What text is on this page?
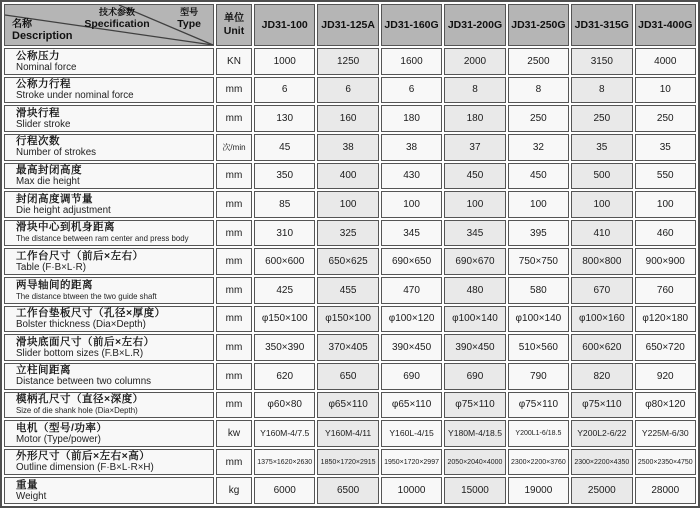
技术参数
Specification
型号
Type
名称
Description

单位
Unit	JD31-100	JD31-125A	JD31-160G	JD31-200G	JD31-250G	JD31-315G	JD31-400G

公称压力
Nominal force	KN	1000	1250	1600	2000	2500	3150	4000

公称力行程
Stroke under nominal force	mm	6	6	6	8	8	8	10

滑块行程
Slider stroke	mm	130	160	180	180	250	250	250

行程次数
Number of strokes	次/min	45	38	38	37	32	35	35

最高封闭高度
Max die height	mm	350	400	430	450	450	500	550

封闭高度调节量
Die height adjustment	mm	85	100	100	100	100	100	100

滑块中心到机身距离
The distance between ram center and press body	mm	310	325	345	345	395	410	460

工作台尺寸（前后×左右）
Table (F·B×L·R)	mm	600×600	650×625	690×650	690×670	750×750	800×800	900×900

两导轴间的距离
The distance btween the two guide shaft	mm	425	455	470	480	580	670	760

工作台垫板尺寸（孔径×厚度）
Bolster thickness (Dia×Depth)	mm	φ150×100	φ150×100	φ100×120	φ100×140	φ100×140	φ100×160	φ120×180

滑块底面尺寸（前后×左右）
Slider bottom sizes (F.B×L.R)	mm	350×390	370×405	390×450	390×450	510×560	600×620	650×720

立柱间距离
Distance between two columns	mm	620	650	690	690	790	820	920

模柄孔尺寸（直径×深度）
Size of die shank hole (Dia×Depth)	mm	φ60×80	φ65×110	φ65×110	φ75×110	φ75×110	φ75×110	φ80×120

电机（型号/功率）
Motor (Type/power)	kw	Y160M-4/7.5	Y160M-4/11	Y160L-4/15	Y180M-4/18.5	Y200L1-6/18.5	Y200L2-6/22	Y225M-6/30

外形尺寸（前后×左右×高）
Outline dimension (F·B×L·R×H)	mm	1375×1620×2630	1850×1720×2915	1950×1720×2997	2050×2040×4000	2300×2200×3760	2300×2200×4350	2500×2350×4750

重量
Weight	kg	6000	6500	10000	15000	19000	25000	28000
